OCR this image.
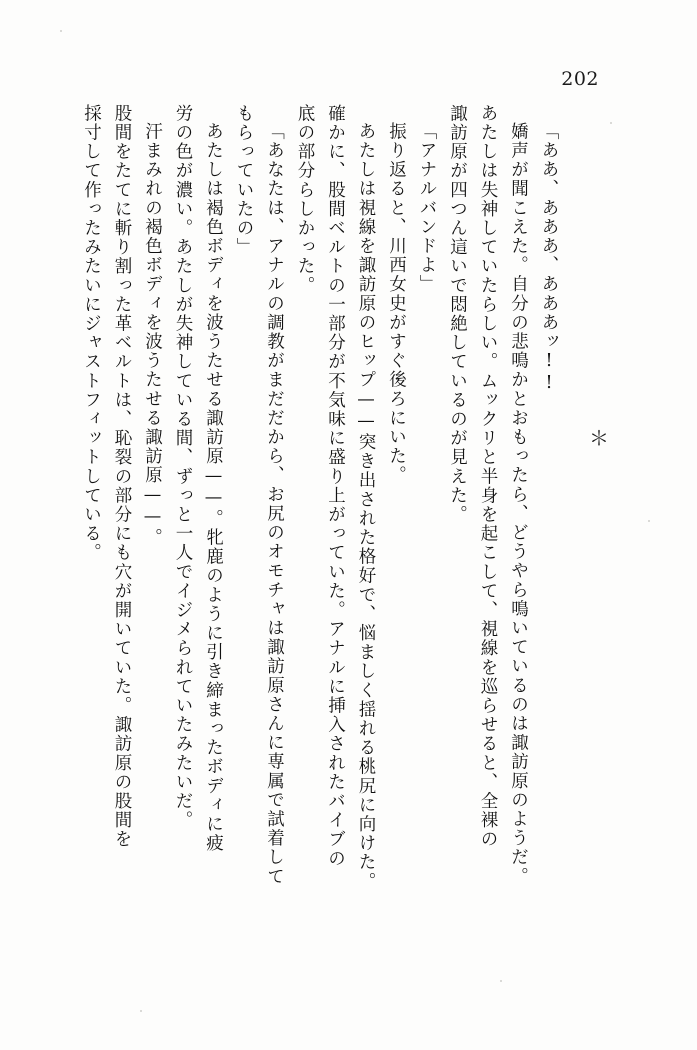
202
＊
「ああ、あああ、あああッ!!
嬌声が聞こえた。自分の悲鳴かとおもったら、どうやら鳴いているのは諏訪原のようだ。
あたしは失神していたらしい。ムックリと半身を起こして、視線を巡らせると、全裸の
諏訪原が四つん這いで悶絶しているのが見えた。
「アナルバンドよ」
振り返ると、川西女史がすぐ後ろにいた。
あたしは視線を諏訪原のヒップ——突き出された格好で、悩ましく揺れる桃尻に向けた。
確かに、股間ベルトの一部分が不気味に盛り上がっていた。アナルに挿入されたバイブの
底の部分らしかった。
「あなたは、アナルの調教がまだだから、お尻のオモチャは諏訪原さんに専属で試着して
もらっていたの」
あたしは褐色ボディを波うたせる諏訪原——。牝鹿のように引き締まったボディに疲
労の色が濃い。あたしが失神している間、ずっと一人でイジメられていたみたいだ。
汗まみれの褐色ボディを波うたせる諏訪原——。
股間をたてに斬り割った革ベルトは、恥裂の部分にも穴が開いていた。諏訪原の股間を
採寸して作ったみたいにジャストフィットしている。
